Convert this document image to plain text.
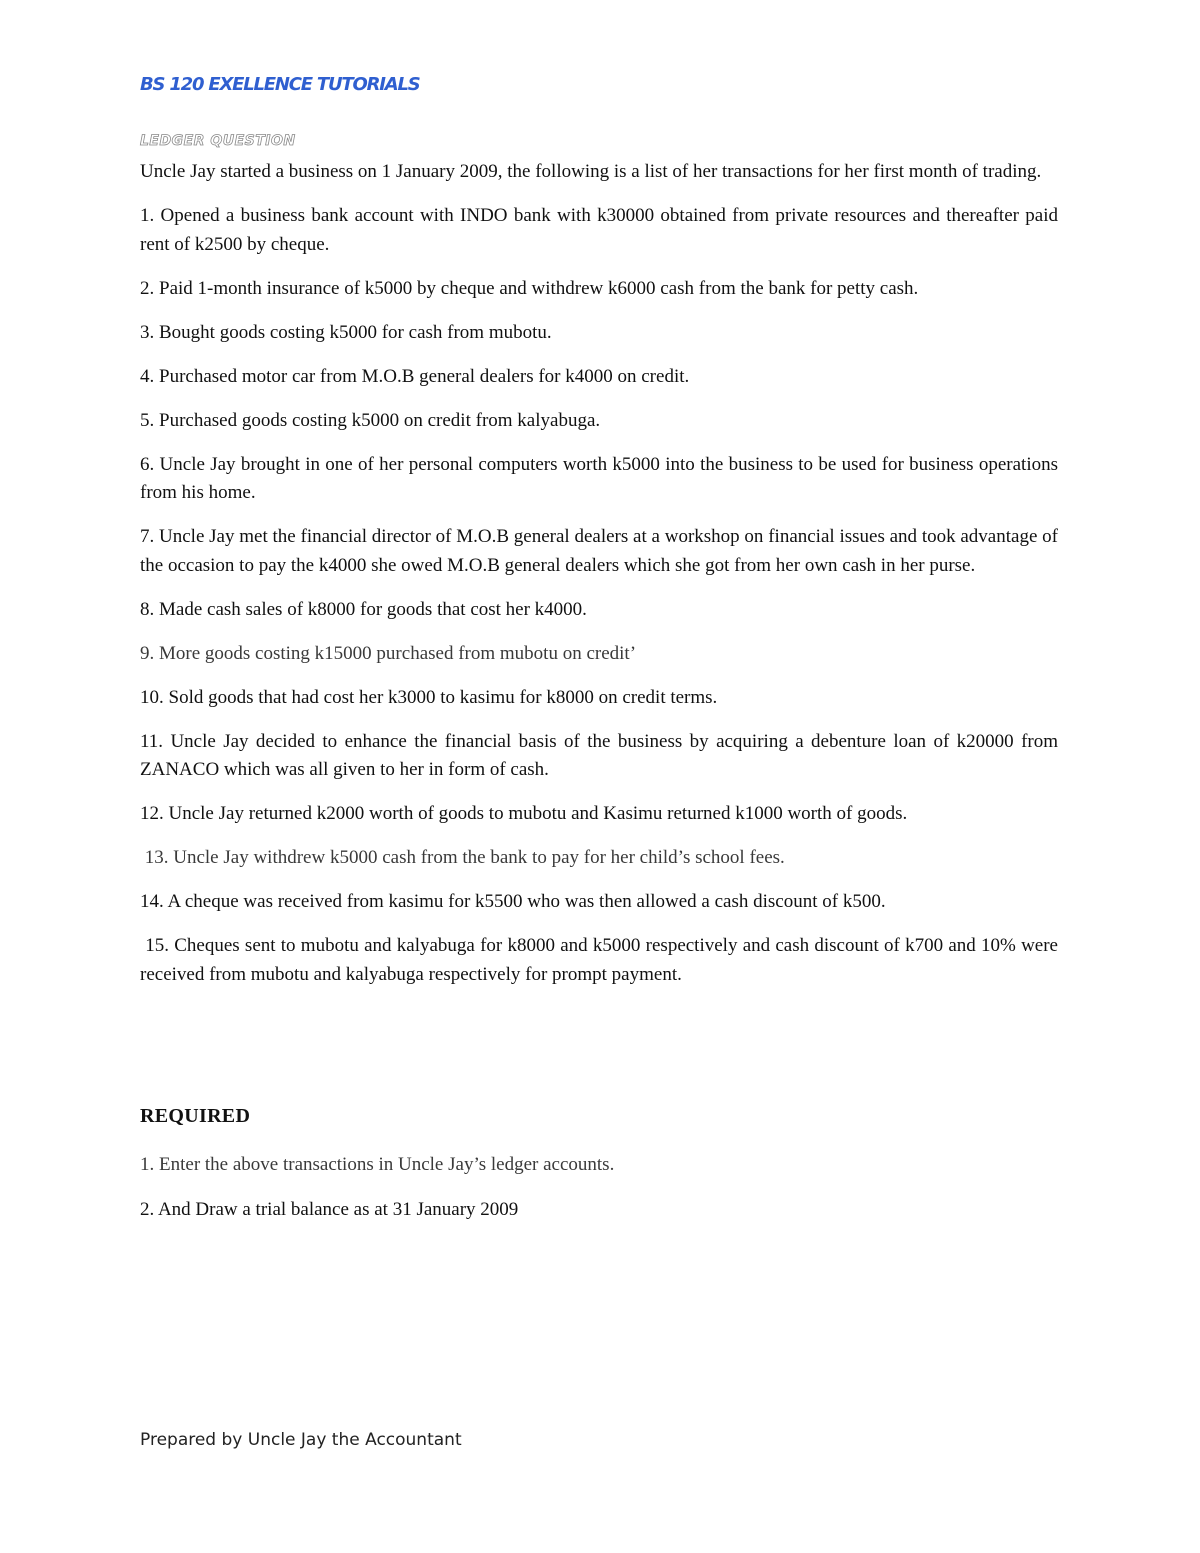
BS 120 EXELLENCE TUTORIALS
LEDGER QUESTION

Uncle Jay started a business on 1 January 2009, the following is a list of her transactions for her first month of trading.

1. Opened a business bank account with INDO bank with k30000 obtained from private resources and thereafter paid rent of k2500 by cheque.

2. Paid 1-month insurance of k5000 by cheque and withdrew k6000 cash from the bank for petty cash.

3. Bought goods costing k5000 for cash from mubotu.

4. Purchased motor car from M.O.B general dealers for k4000 on credit.

5. Purchased goods costing k5000 on credit from kalyabuga.

6. Uncle Jay brought in one of her personal computers worth k5000 into the business to be used for business operations from his home.

7. Uncle Jay met the financial director of M.O.B general dealers at a workshop on financial issues and took advantage of the occasion to pay the k4000 she owed M.O.B general dealers which she got from her own cash in her purse.

8. Made cash sales of k8000 for goods that cost her k4000.

9. More goods costing k15000 purchased from mubotu on credit’

10. Sold goods that had cost her k3000 to kasimu for k8000 on credit terms.

11. Uncle Jay decided to enhance the financial basis of the business by acquiring a debenture loan of k20000 from ZANACO which was all given to her in form of cash.

12. Uncle Jay returned k2000 worth of goods to mubotu and Kasimu returned k1000 worth of goods.

13. Uncle Jay withdrew k5000 cash from the bank to pay for her child’s school fees.

14. A cheque was received from kasimu for k5500 who was then allowed a cash discount of k500.

15. Cheques sent to mubotu and kalyabuga for k8000 and k5000 respectively and cash discount of k700 and 10% were received from mubotu and kalyabuga respectively for prompt payment.

REQUIRED

1. Enter the above transactions in Uncle Jay’s ledger accounts.

2. And Draw a trial balance as at 31 January 2009

Prepared by Uncle Jay the Accountant
